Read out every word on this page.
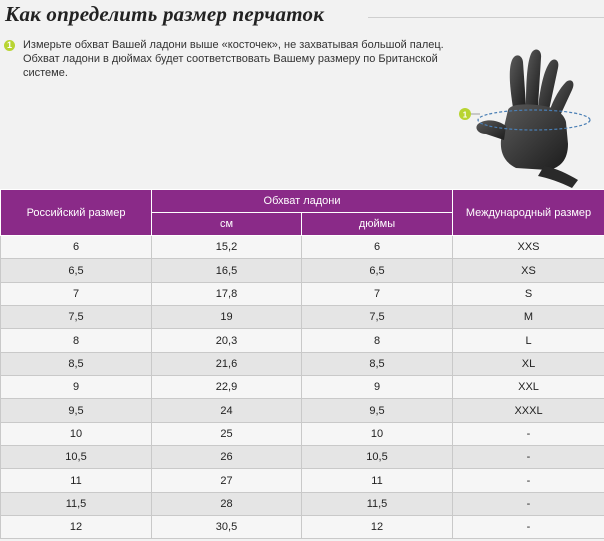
Как определить размер перчаток
1 Измерьте обхват Вашей ладони выше «косточек», не захватывая большой палец.

Обхват ладони в дюймах будет соответствовать Вашему размеру по Британской системе.

1
Российский размер	Обхват ладони		Международный размер
	см	дюймы	
6	15,2	6	XXS
6,5	16,5	6,5	XS
7	17,8	7	S
7,5	19	7,5	M
8	20,3	8	L
8,5	21,6	8,5	XL
9	22,9	9	XXL
9,5	24	9,5	XXXL
10	25	10	-
10,5	26	10,5	-
11	27	11	-
11,5	28	11,5	-
12	30,5	12	-
